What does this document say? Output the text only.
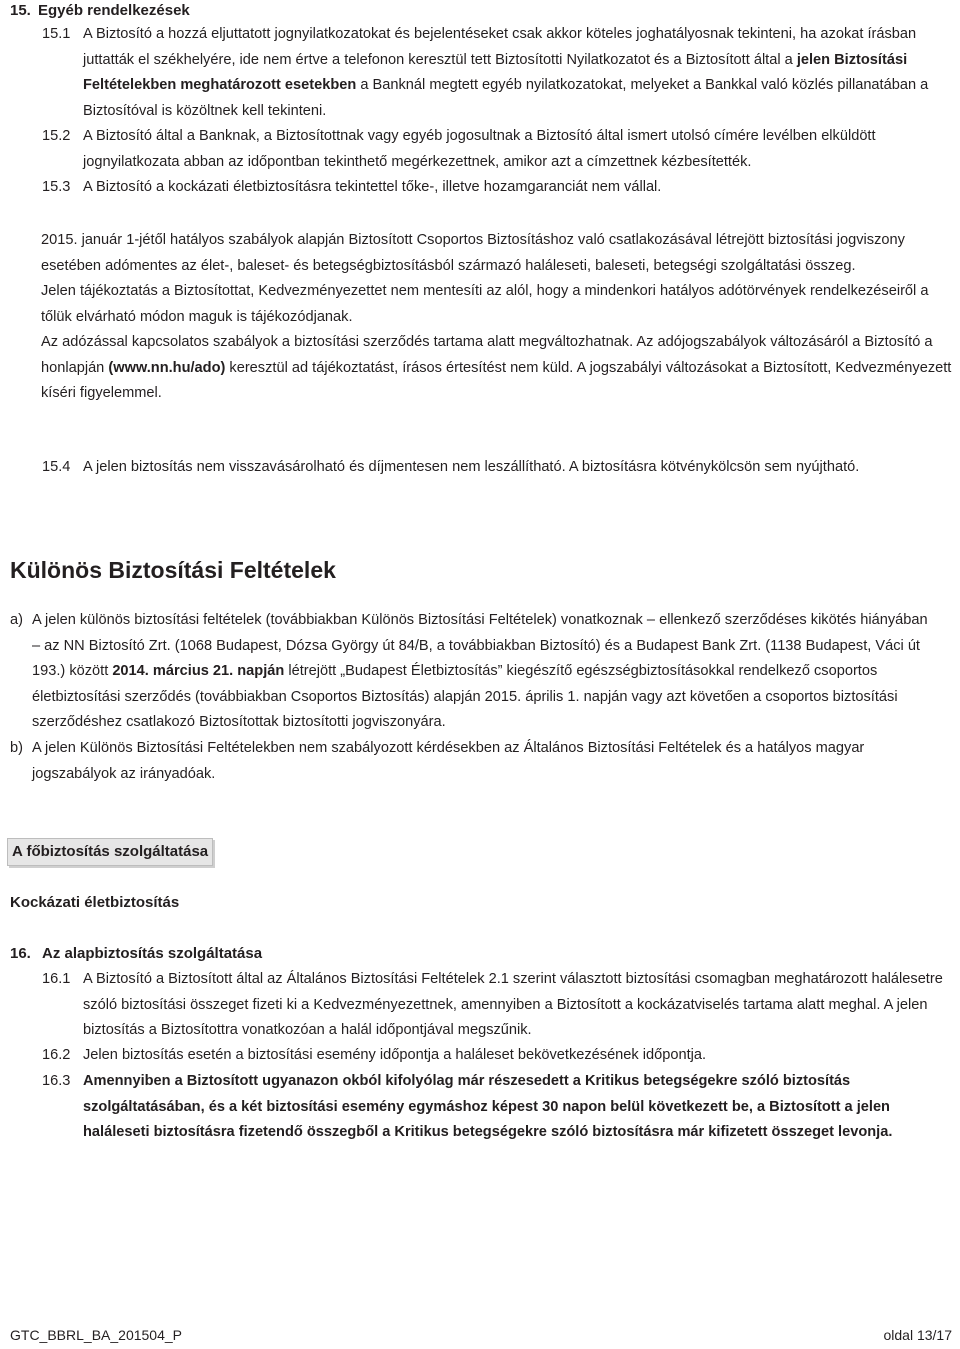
15. Egyéb rendelkezések
15.1 A Biztosító a hozzá eljuttatott jognyilatkozatokat és bejelentéseket csak akkor köteles joghatályosnak tekinteni, ha azokat írásban juttatták el székhelyére, ide nem értve a telefonon keresztül tett Biztosítotti Nyilatkozatot és a Biztosított által a jelen Biztosítási Feltételekben meghatározott esetekben a Banknál megtett egyéb nyilatkozatokat, melyeket a Bankkal való közlés pillanatában a Biztosítóval is közöltnek kell tekinteni.
15.2 A Biztosító által a Banknak, a Biztosítottnak vagy egyéb jogosultnak a Biztosító által ismert utolsó címére levélben elküldött jognyilatkozata abban az időpontban tekinthető megérkezettnek, amikor azt a címzettnek kézbesítették.
15.3 A Biztosító a kockázati életbiztosításra tekintettel tőke-, illetve hozamgaranciát nem vállal.

2015. január 1-jétől hatályos szabályok alapján Biztosított Csoportos Biztosításhoz való csatlakozásával létrejött biztosítási jogviszony esetében adómentes az élet-, baleset- és betegségbiztosításból származó haláleseti, baleseti, betegségi szolgáltatási összeg.

Jelen tájékoztatás a Biztosítottat, Kedvezményezettet nem mentesíti az alól, hogy a mindenkori hatályos adótörvények rendelkezéseiről a tőlük elvárható módon maguk is tájékozódjanak.

Az adózással kapcsolatos szabályok a biztosítási szerződés tartama alatt megváltozhatnak. Az adójogszabályok változásáról a Biztosító a honlapján (www.nn.hu/ado) keresztül ad tájékoztatást, írásos értesítést nem küld. A jogszabályi változásokat a Biztosított, Kedvezményezett kíséri figyelemmel.

15.4 A jelen biztosítás nem visszavásárolható és díjmentesen nem leszállítható. A biztosításra kötvénykölcsön sem nyújtható.
Különös Biztosítási Feltételek
a) A jelen különös biztosítási feltételek (továbbiakban Különös Biztosítási Feltételek) vonatkoznak – ellenkező szerződéses kikötés hiányában – az NN Biztosító Zrt. (1068 Budapest, Dózsa György út 84/B, a továbbiakban Biztosító) és a Budapest Bank Zrt. (1138 Budapest, Váci út 193.) között 2014. március 21. napján létrejött „Budapest Életbiztosítás” kiegészítő egészségbiztosításokkal rendelkező csoportos életbiztosítási szerződés (továbbiakban Csoportos Biztosítás) alapján 2015. április 1. napján vagy azt követően a csoportos biztosítási szerződéshez csatlakozó Biztosítottak biztosítotti jogviszonyára.
b) A jelen Különös Biztosítási Feltételekben nem szabályozott kérdésekben az Általános Biztosítási Feltételek és a hatályos magyar jogszabályok az irányadóak.
A főbiztosítás szolgáltatása
Kockázati életbiztosítás
16. Az alapbiztosítás szolgáltatása
16.1 A Biztosító a Biztosított által az Általános Biztosítási Feltételek 2.1 szerint választott biztosítási csomagban meghatározott halálesetre szóló biztosítási összeget fizeti ki a Kedvezményezettnek, amennyiben a Biztosított a kockázatviselés tartama alatt meghal. A jelen biztosítás a Biztosítottra vonatkozóan a halál időpontjával megszűnik.
16.2 Jelen biztosítás esetén a biztosítási esemény időpontja a haláleset bekövetkezésének időpontja.
16.3 Amennyiben a Biztosított ugyanazon okból kifolyólag már részesedett a Kritikus betegségekre szóló biztosítás szolgáltatásában, és a két biztosítási esemény egymáshoz képest 30 napon belül következett be, a Biztosított a jelen haláleseti biztosításra fizetendő összegből a Kritikus betegségekre szóló biztosításra már kifizetett összeget levonja.
GTC_BBRL_BA_201504_P	oldal 13/17
